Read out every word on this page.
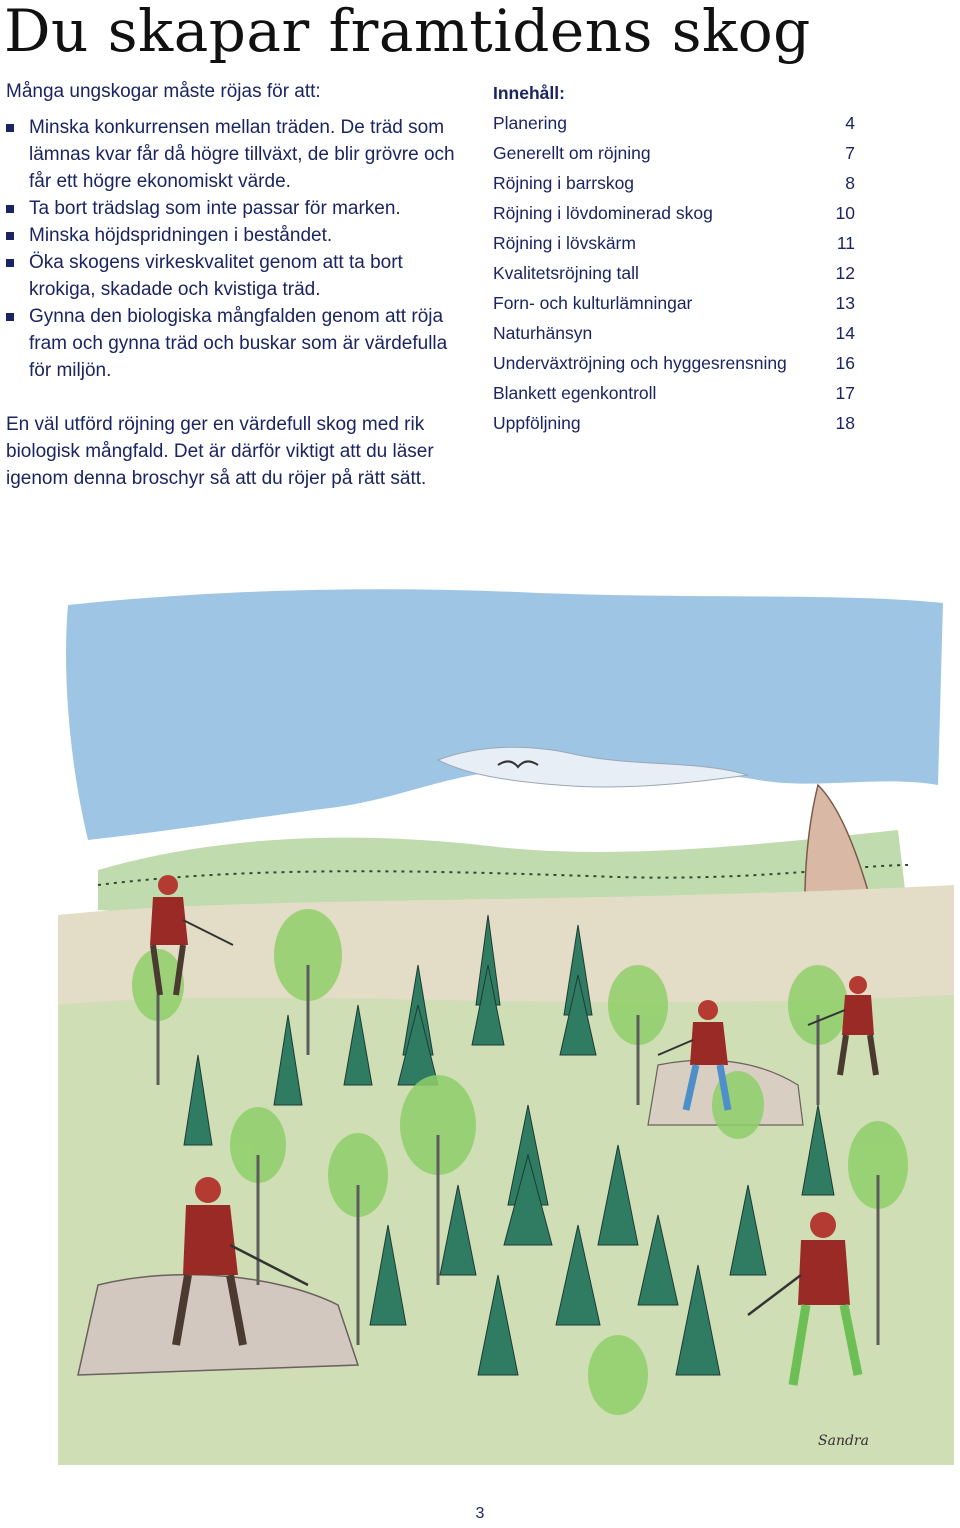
Du skapar framtidens skog

Många ungskogar måste röjas för att:

Minska konkurrensen mellan träden. De träd som lämnas kvar får då högre tillväxt, de blir grövre och får ett högre ekonomiskt värde.
Ta bort trädslag som inte passar för marken.
Minska höjdspridningen i beståndet.
Öka skogens virkeskvalitet genom att ta bort krokiga, skadade och kvistiga träd.
Gynna den biologiska mångfalden genom att röja fram och gynna träd och buskar som är värdefulla för miljön.

En väl utförd röjning ger en värdefull skog med rik biologisk mångfald. Det är därför viktigt att du läser igenom denna broschyr så att du röjer på rätt sätt.

Innehåll:
Planering	4
Generellt om röjning	7
Röjning i barrskog	8
Röjning i lövdominerad skog	10
Röjning i lövskärm	11
Kvalitetsröjning tall	12
Forn- och kulturlämningar	13
Naturhänsyn	14
Underväxtröjning och hyggesrensning	16
Blankett egenkontroll	17
Uppföljning	18
Sandra
3
